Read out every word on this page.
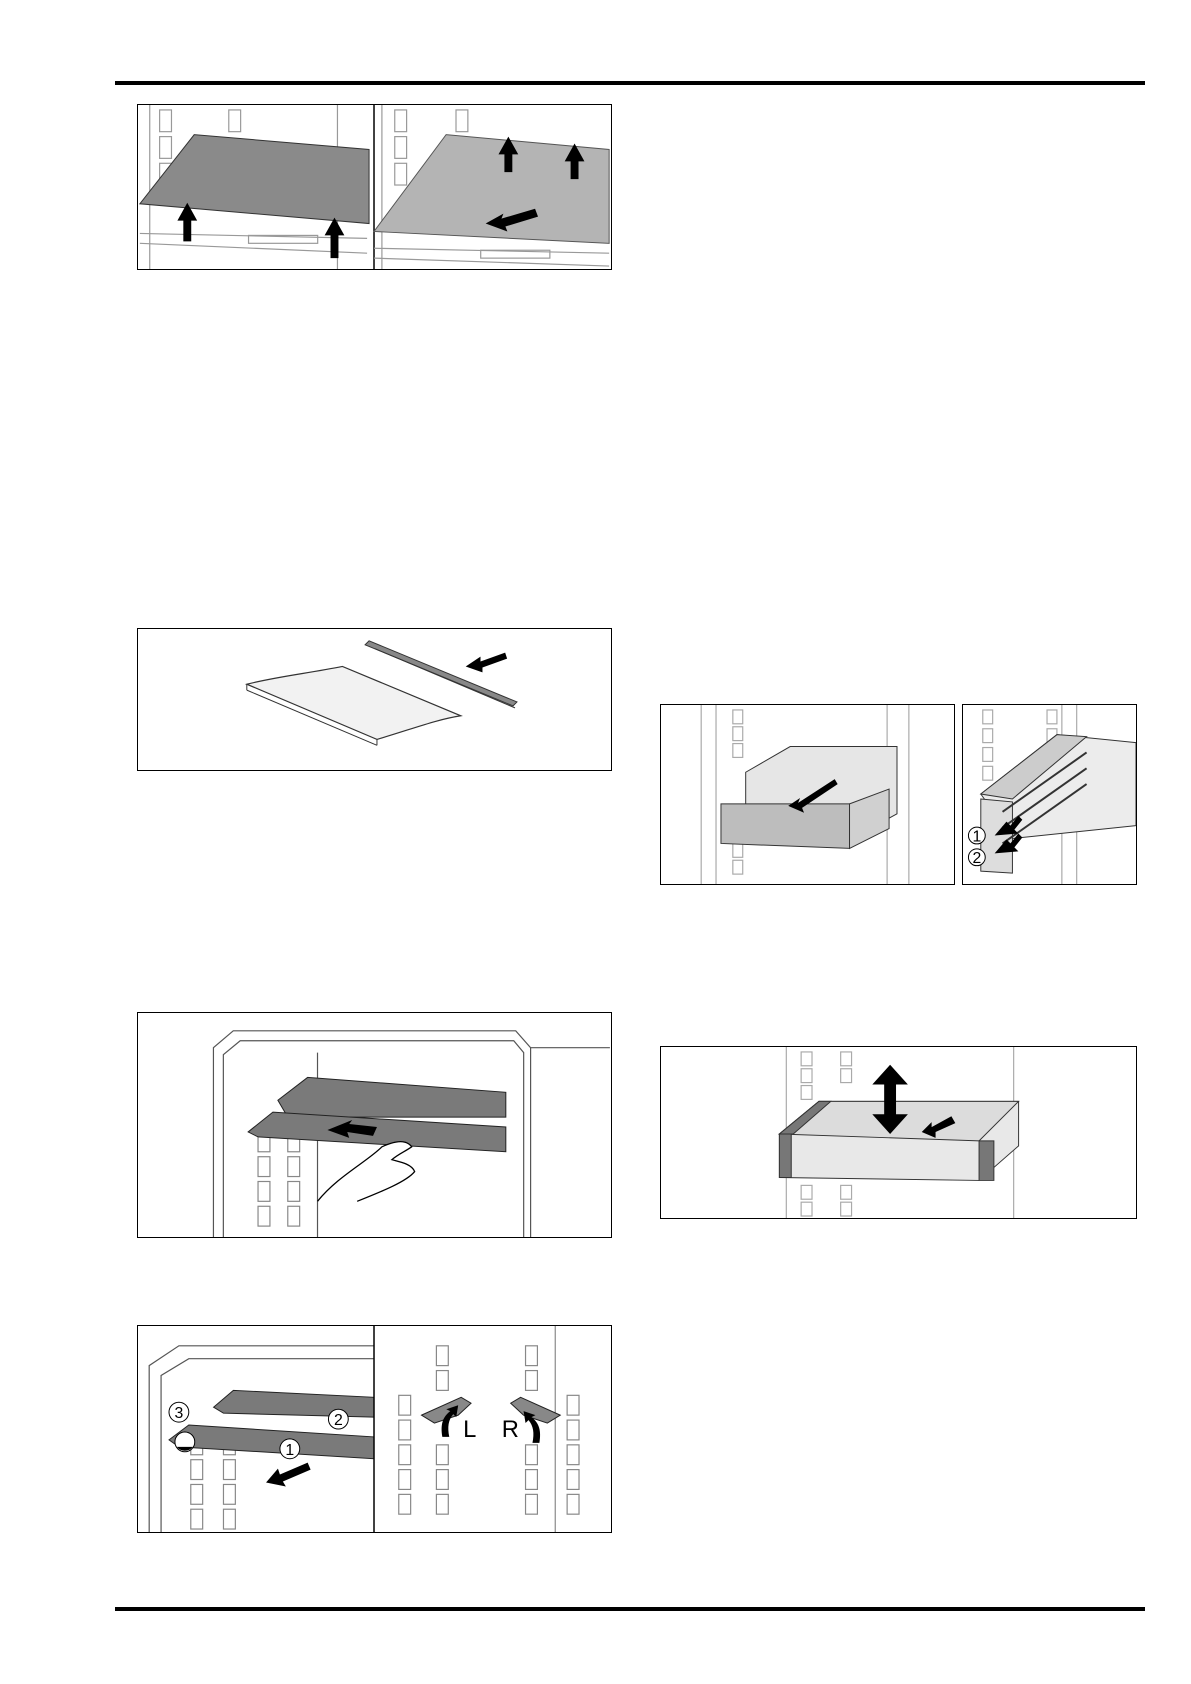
1
2
3	2
1
L R
